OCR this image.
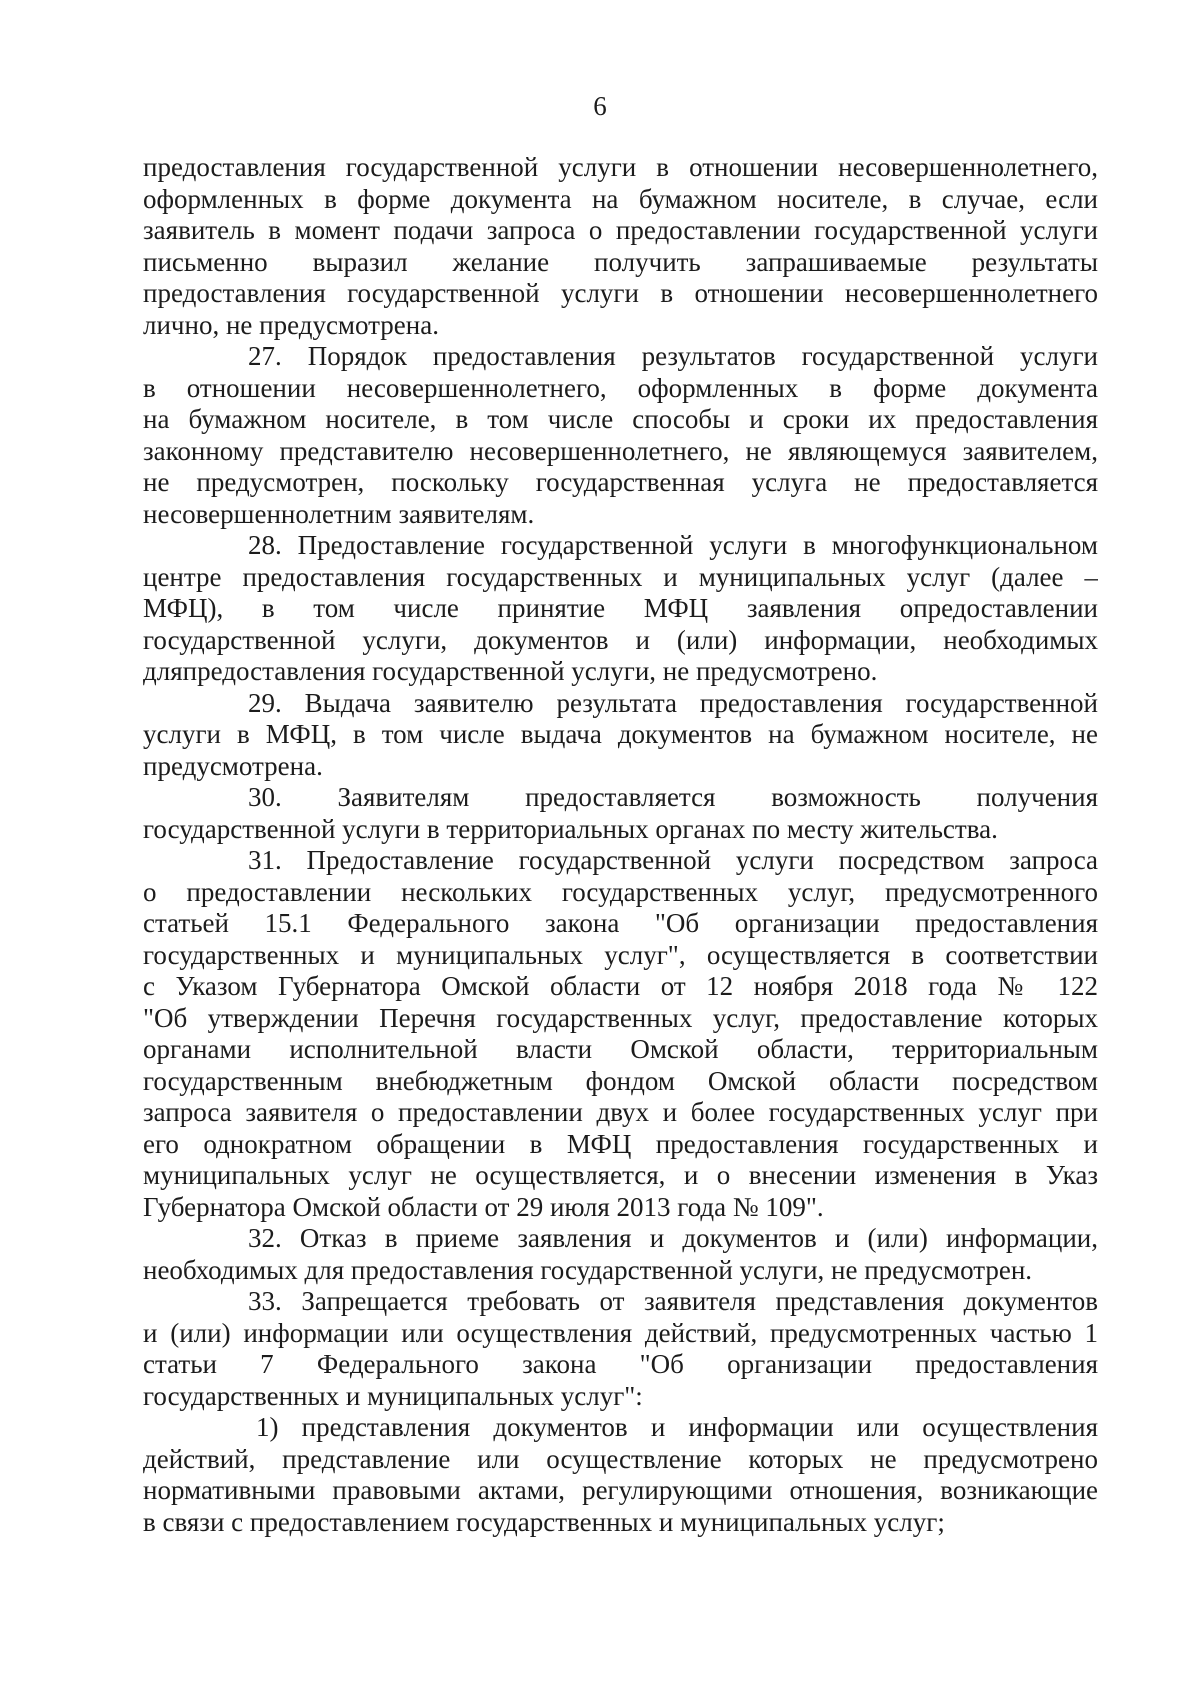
6
предоставления государственной услуги в отношении несовершеннолетнего,
оформленных в форме документа на бумажном носителе, в случае, если
заявитель в момент подачи запроса о предоставлении государственной услуги
письменно выразил желание получить запрашиваемые результаты
предоставления государственной услуги в отношении несовершеннолетнего
лично, не предусмотрена.
27. Порядок предоставления результатов государственной услуги
в отношении несовершеннолетнего, оформленных в форме документа
на бумажном носителе, в том числе способы и сроки их предоставления
законному представителю несовершеннолетнего, не являющемуся заявителем,
не предусмотрен, поскольку государственная услуга не предоставляется
несовершеннолетним заявителям.
28. Предоставление государственной услуги в многофункциональном
центре предоставления государственных и муниципальных услуг (далее –
МФЦ), в том числе принятие МФЦ заявления опредоставлении
государственной услуги, документов и (или) информации, необходимых
дляпредоставления государственной услуги, не предусмотрено.
29. Выдача заявителю результата предоставления государственной
услуги в МФЦ, в том числе выдача документов на бумажном носителе, не
предусмотрена.
30. Заявителям предоставляется возможность получения
государственной услуги в территориальных органах по месту жительства.
31. Предоставление государственной услуги посредством запроса
о предоставлении нескольких государственных услуг, предусмотренного
статьей 15.1 Федерального закона "Об организации предоставления
государственных и муниципальных услуг", осуществляется в соответствии
с Указом Губернатора Омской области от 12 ноября 2018 года № 122
"Об утверждении Перечня государственных услуг, предоставление которых
органами исполнительной власти Омской области, территориальным
государственным внебюджетным фондом Омской области посредством
запроса заявителя о предоставлении двух и более государственных услуг при
его однократном обращении в МФЦ предоставления государственных и
муниципальных услуг не осуществляется, и о внесении изменения в Указ
Губернатора Омской области от 29 июля 2013 года № 109".
32. Отказ в приеме заявления и документов и (или) информации,
необходимых для предоставления государственной услуги, не предусмотрен.
33. Запрещается требовать от заявителя представления документов
и (или) информации или осуществления действий, предусмотренных частью 1
статьи 7 Федерального закона "Об организации предоставления
государственных и муниципальных услуг":
1) представления документов и информации или осуществления
действий, представление или осуществление которых не предусмотрено
нормативными правовыми актами, регулирующими отношения, возникающие
в связи с предоставлением государственных и муниципальных услуг;
